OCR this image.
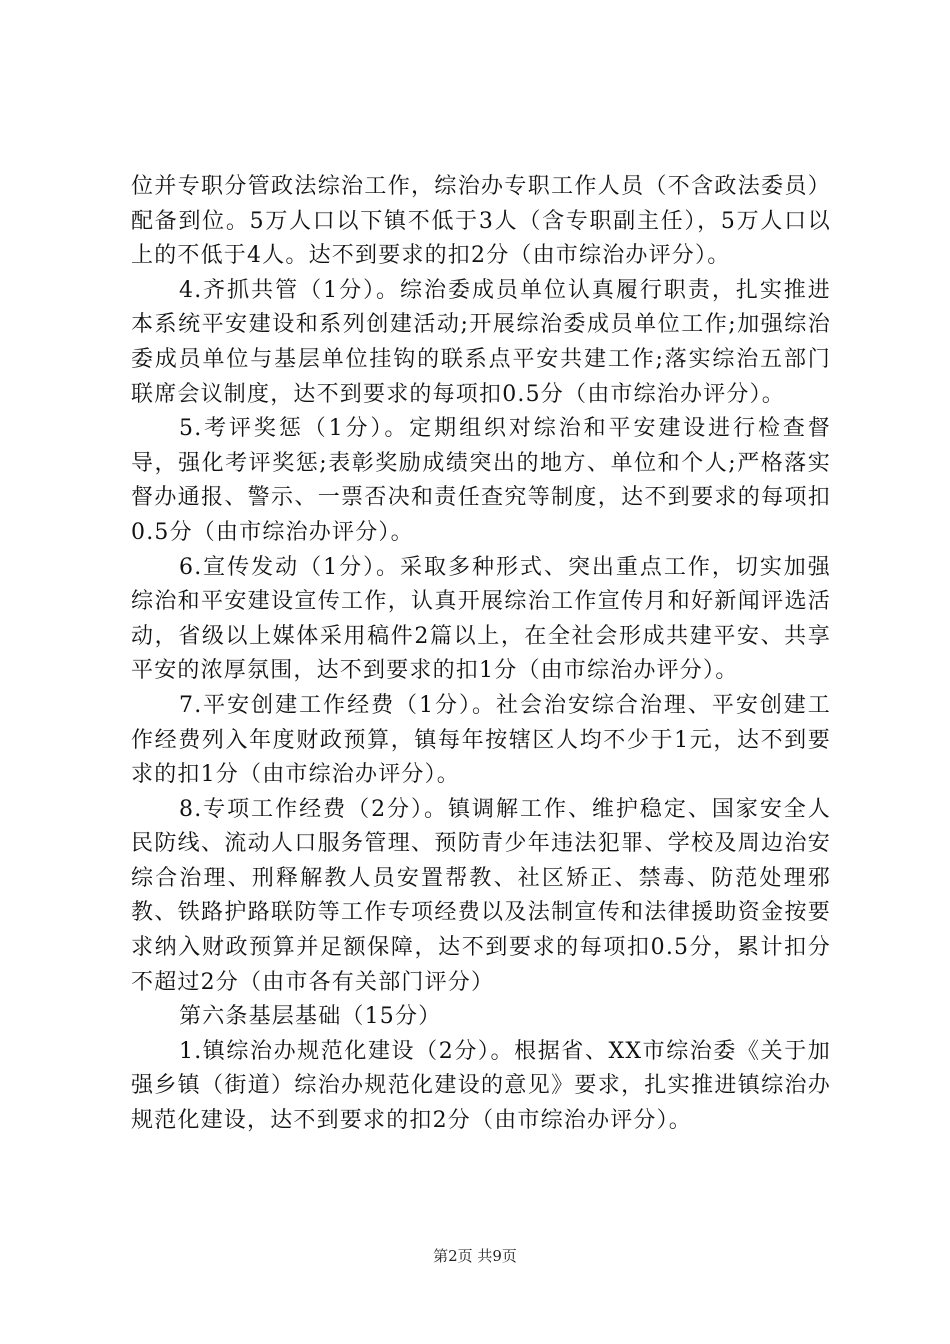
位并专职分管政法综治工作，综治办专职工作人员（不含政法委员）配备到位。5万人口以下镇不低于3人（含专职副主任），5万人口以上的不低于4人。达不到要求的扣2分（由市综治办评分）。

4.齐抓共管（1分）。综治委成员单位认真履行职责，扎实推进本系统平安建设和系列创建活动;开展综治委成员单位工作;加强综治委成员单位与基层单位挂钩的联系点平安共建工作;落实综治五部门联席会议制度，达不到要求的每项扣0.5分（由市综治办评分）。

5.考评奖惩（1分）。定期组织对综治和平安建设进行检查督导，强化考评奖惩;表彰奖励成绩突出的地方、单位和个人;严格落实督办通报、警示、一票否决和责任查究等制度，达不到要求的每项扣0.5分（由市综治办评分）。

6.宣传发动（1分）。采取多种形式、突出重点工作，切实加强综治和平安建设宣传工作，认真开展综治工作宣传月和好新闻评选活动，省级以上媒体采用稿件2篇以上，在全社会形成共建平安、共享平安的浓厚氛围，达不到要求的扣1分（由市综治办评分）。

7.平安创建工作经费（1分）。社会治安综合治理、平安创建工作经费列入年度财政预算，镇每年按辖区人均不少于1元，达不到要求的扣1分（由市综治办评分）。

8.专项工作经费（2分）。镇调解工作、维护稳定、国家安全人民防线、流动人口服务管理、预防青少年违法犯罪、学校及周边治安综合治理、刑释解教人员安置帮教、社区矫正、禁毒、防范处理邪教、铁路护路联防等工作专项经费以及法制宣传和法律援助资金按要求纳入财政预算并足额保障，达不到要求的每项扣0.5分，累计扣分不超过2分（由市各有关部门评分）

第六条基层基础（15分）

1.镇综治办规范化建设（2分）。根据省、XX市综治委《关于加强乡镇（街道）综治办规范化建设的意见》要求，扎实推进镇综治办规范化建设，达不到要求的扣2分（由市综治办评分）。

第2页 共9页
